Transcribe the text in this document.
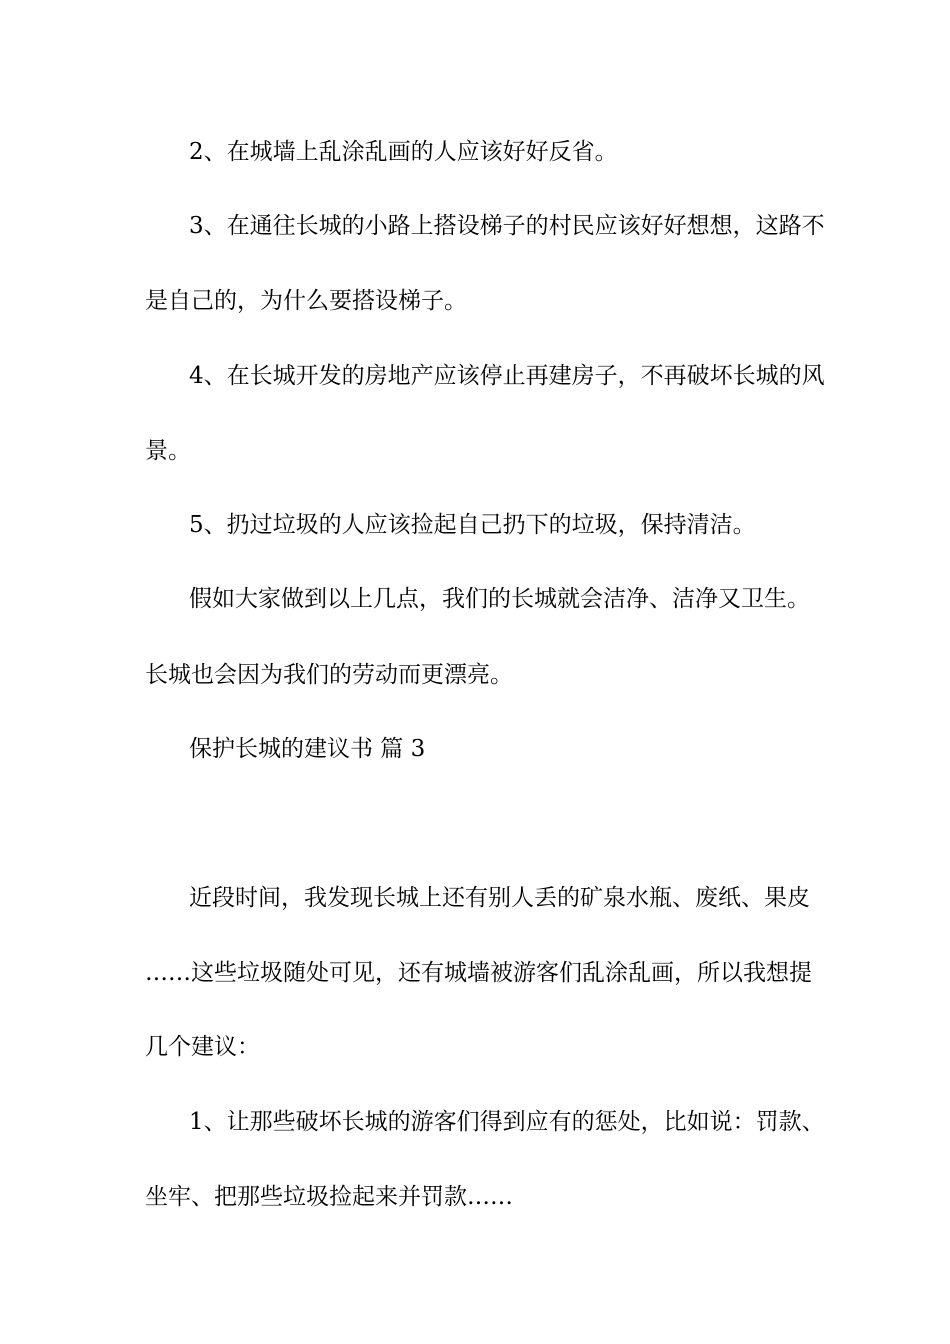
2、在城墙上乱涂乱画的人应该好好反省。
3、在通往长城的小路上搭设梯子的村民应该好好想想，这路不
是自己的，为什么要搭设梯子。
4、在长城开发的房地产应该停止再建房子，不再破坏长城的风
景。
5、扔过垃圾的人应该捡起自己扔下的垃圾，保持清洁。
假如大家做到以上几点，我们的长城就会洁净、洁净又卫生。
长城也会因为我们的劳动而更漂亮。
保护长城的建议书 篇 3
近段时间，我发现长城上还有别人丢的矿泉水瓶、废纸、果皮
……这些垃圾随处可见，还有城墙被游客们乱涂乱画，所以我想提
几个建议：
1、让那些破坏长城的游客们得到应有的惩处，比如说：罚款、
坐牢、把那些垃圾捡起来并罚款……
